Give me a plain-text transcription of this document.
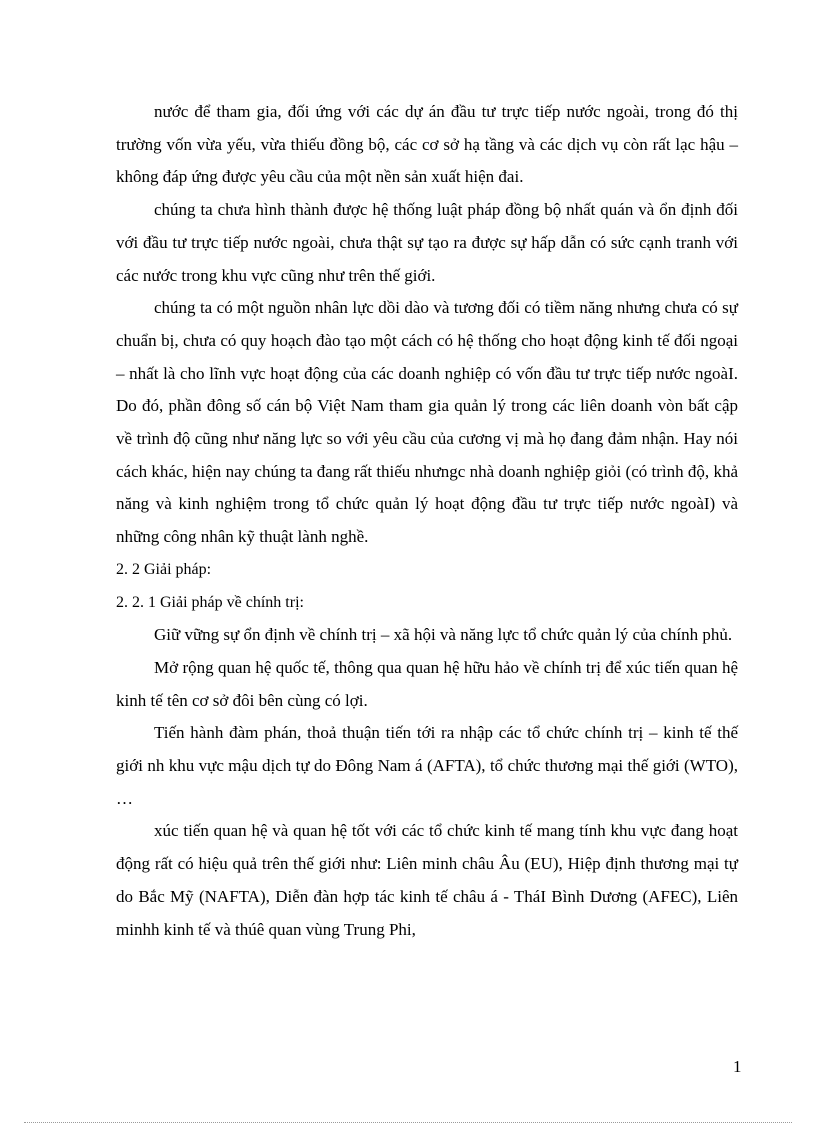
nước để tham gia, đối ứng với các dự án đầu tư trực tiếp nước ngoài, trong đó thị trường vốn vừa yếu, vừa thiếu đồng bộ, các cơ sở hạ tầng và các dịch vụ còn rất lạc hậu – không đáp ứng được yêu cầu của một nền sản xuất hiện đai.

chúng ta chưa hình thành được hệ thống luật pháp đồng bộ nhất quán và ổn định đối với đầu tư trực tiếp nước ngoài, chưa thật sự tạo ra được sự hấp dẫn có sức cạnh tranh với các nước trong khu vực cũng như trên thế giới.

chúng ta có một nguồn nhân lực dồi dào và tương đối có tiềm năng nhưng chưa có sự chuẩn bị, chưa có quy hoạch đào tạo một cách có hệ thống cho hoạt động kinh tế đối ngoại – nhất là cho lĩnh vực hoạt động của các doanh nghiệp có vốn đầu tư trực tiếp nước ngoàI. Do đó, phần đông số cán bộ Việt Nam tham gia quản lý trong các liên doanh vòn bất cập về trình độ cũng như năng lực so với yêu cầu của cương vị mà họ đang đảm nhận. Hay nói cách khác, hiện nay chúng ta đang rất thiếu nhưngc nhà doanh nghiệp giỏi (có trình độ, khả năng và kinh nghiệm trong tổ chức quản lý hoạt động đầu tư trực tiếp nước ngoàI) và những công nhân kỹ thuật lành nghề.

2. 2 Giải pháp:

2. 2. 1 Giải pháp về chính trị:

Giữ vững sự ổn định về chính trị – xã hội và năng lực tổ chức quản lý của chính phủ.

Mở rộng quan hệ quốc tế, thông qua quan hệ hữu hảo về chính trị để xúc tiến quan hệ kinh tế tên cơ sở đôi bên cùng có lợi.

Tiến hành đàm phán, thoả thuận tiến tới ra nhập các tổ chức chính trị – kinh tế thế giới nh khu vực mậu dịch tự do Đông Nam á (AFTA), tổ chức thương mại thế giới (WTO), …

xúc tiến quan hệ và quan hệ tốt với các tổ chức kinh tế mang tính khu vực đang hoạt động rất có hiệu quả trên thế giới như: Liên minh châu Âu (EU), Hiệp định thương mại tự do Bắc Mỹ (NAFTA), Diễn đàn hợp tác kinh tế châu á - TháI Bình Dương (AFEC), Liên minhh kinh tế và thúê quan vùng Trung Phi,

1
